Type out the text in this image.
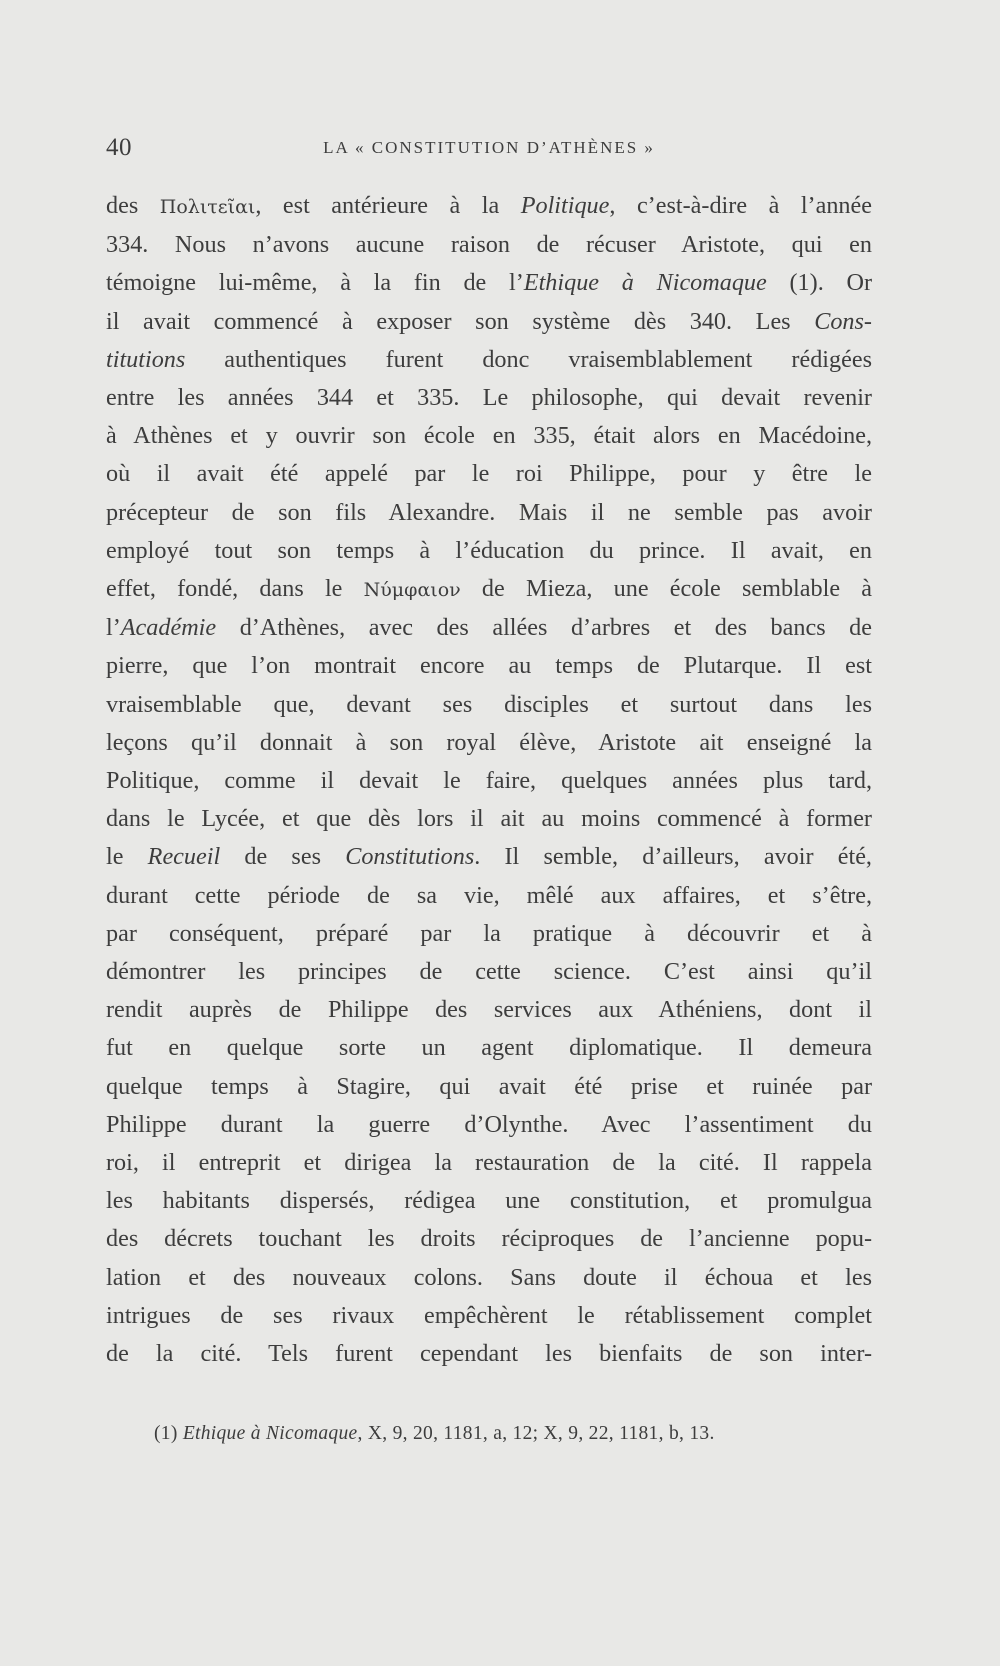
40	LA « CONSTITUTION D’ATHÈNES »
des Πολιτεῖαι, est antérieure à la Politique, c’est-à-dire à l’année
334. Nous n’avons aucune raison de récuser Aristote, qui en
témoigne lui-même, à la fin de l’Ethique à Nicomaque (1). Or
il avait commencé à exposer son système dès 340. Les Cons-
titutions authentiques furent donc vraisemblablement rédigées
entre les années 344 et 335. Le philosophe, qui devait revenir
à Athènes et y ouvrir son école en 335, était alors en Macédoine,
où il avait été appelé par le roi Philippe, pour y être le
précepteur de son fils Alexandre. Mais il ne semble pas avoir
employé tout son temps à l’éducation du prince. Il avait, en
effet, fondé, dans le Νύμφαιον de Mieza, une école semblable à
l’Académie d’Athènes, avec des allées d’arbres et des bancs de
pierre, que l’on montrait encore au temps de Plutarque. Il est
vraisemblable que, devant ses disciples et surtout dans les
leçons qu’il donnait à son royal élève, Aristote ait enseigné la
Politique, comme il devait le faire, quelques années plus tard,
dans le Lycée, et que dès lors il ait au moins commencé à former
le Recueil de ses Constitutions. Il semble, d’ailleurs, avoir été,
durant cette période de sa vie, mêlé aux affaires, et s’être,
par conséquent, préparé par la pratique à découvrir et à
démontrer les principes de cette science. C’est ainsi qu’il
rendit auprès de Philippe des services aux Athéniens, dont il
fut en quelque sorte un agent diplomatique. Il demeura
quelque temps à Stagire, qui avait été prise et ruinée par
Philippe durant la guerre d’Olynthe. Avec l’assentiment du
roi, il entreprit et dirigea la restauration de la cité. Il rappela
les habitants dispersés, rédigea une constitution, et promulgua
des décrets touchant les droits réciproques de l’ancienne popu-
lation et des nouveaux colons. Sans doute il échoua et les
intrigues de ses rivaux empêchèrent le rétablissement complet
de la cité. Tels furent cependant les bienfaits de son inter-

(1) Ethique à Nicomaque, X, 9, 20, 1181, a, 12; X, 9, 22, 1181, b, 13.
